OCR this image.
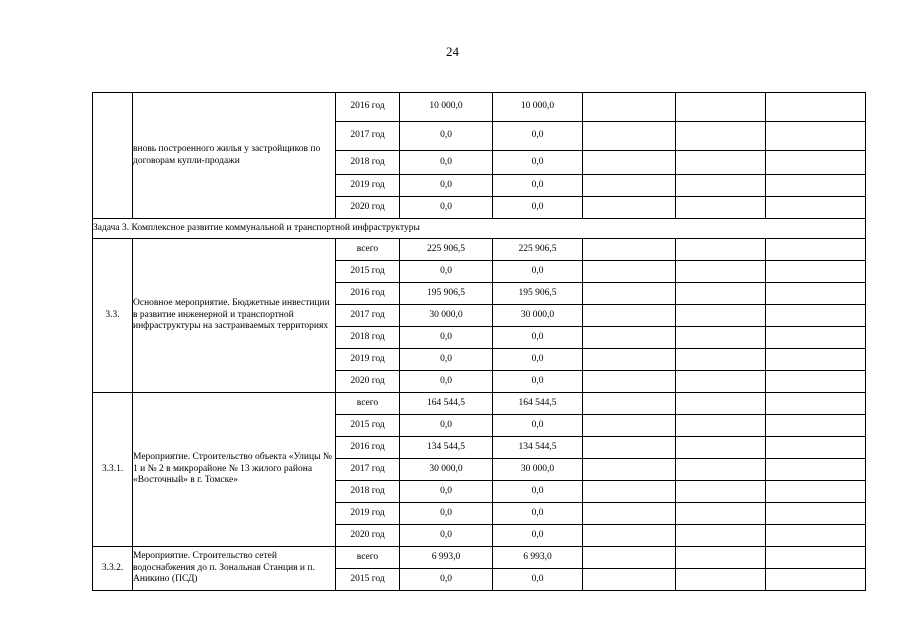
24
	вновь построенного жилья у застройщиков по договорам купли-продажи	2016 год	10 000,0	10 000,0			
		2017 год	0,0	0,0			
		2018 год	0,0	0,0			
		2019 год	0,0	0,0			
		2020 год	0,0	0,0			
Задача 3. Комплексное развитие коммунальной и транспортной инфраструктуры							
3.3.	Основное мероприятие. Бюджетные инвестиции в развитие инженерной и транспортной инфраструктуры на застраиваемых территориях	всего	225 906,5	225 906,5			
		2015 год	0,0	0,0			
		2016 год	195 906,5	195 906,5			
		2017 год	30 000,0	30 000,0			
		2018 год	0,0	0,0			
		2019 год	0,0	0,0			
		2020 год	0,0	0,0			
3.3.1.	Мероприятие. Строительство объекта «Улицы № 1 и № 2 в микрорайоне № 13 жилого района «Восточный» в г. Томске»	всего	164 544,5	164 544,5			
		2015 год	0,0	0,0			
		2016 год	134 544,5	134 544,5			
		2017 год	30 000,0	30 000,0			
		2018 год	0,0	0,0			
		2019 год	0,0	0,0			
		2020 год	0,0	0,0			
3.3.2.	Мероприятие. Строительство сетей водоснабжения до п. Зональная Станция и п. Аникино (ПСД)	всего	6 993,0	6 993,0			
		2015 год	0,0	0,0			
